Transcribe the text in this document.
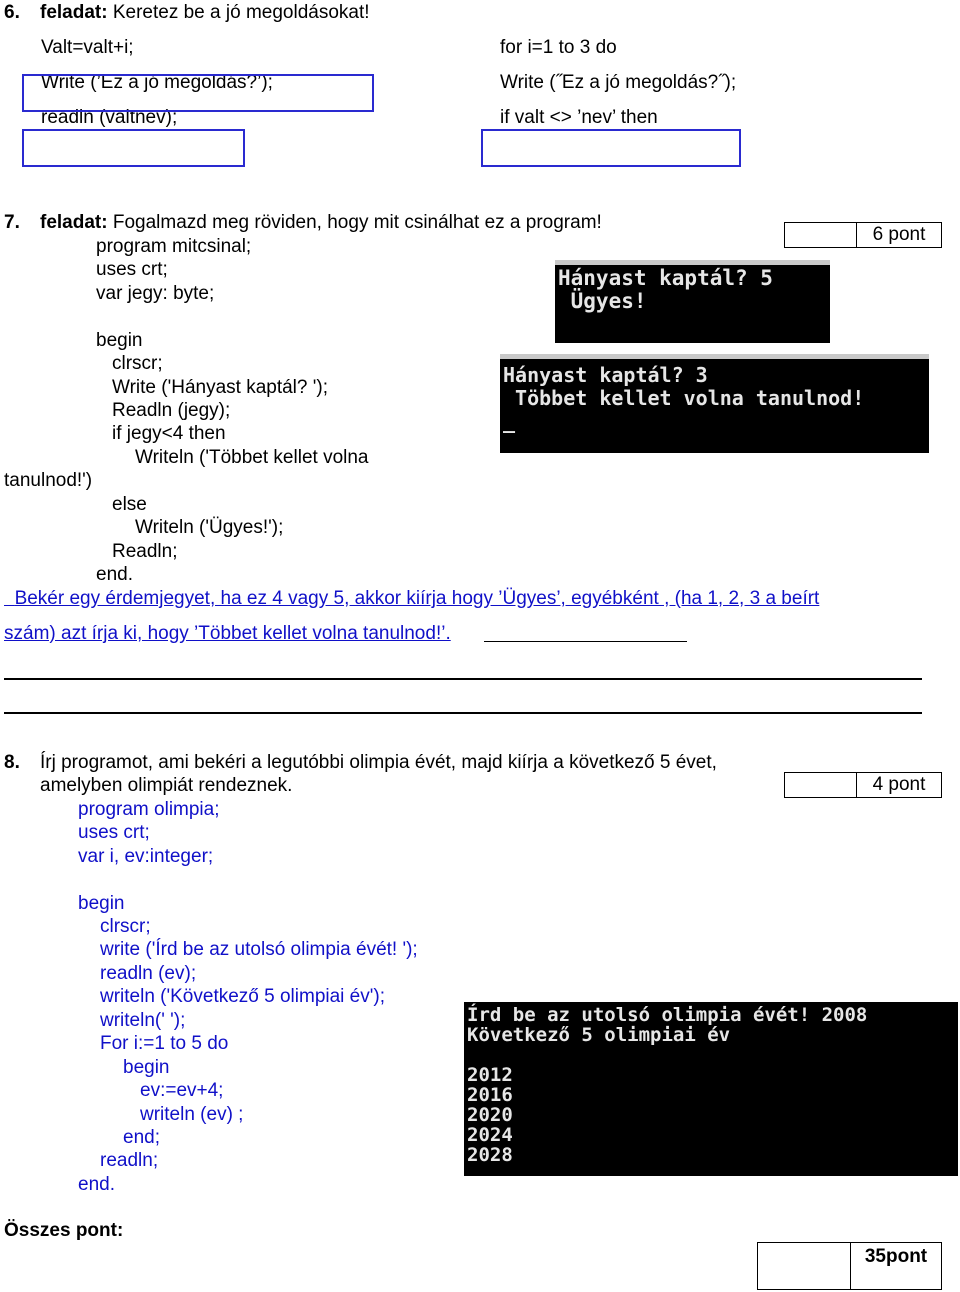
6. feladat: Keretez be a jó megoldásokat!
Valt=valt+i;
Write (’Ez a jó megoldás?’);
readln (valtnev);
for i=1 to 3 do
Write (˝Ez a jó megoldás?˝);
if valt <> ’nev’ then
7. feladat: Fogalmazd meg röviden, hogy mit csinálhat ez a program!
6 pont
program mitcsinal;
uses crt;
var jegy: byte;
begin
clrscr;
Write ('Hányast kaptál? ');
Readln (jegy);
if jegy<4 then
Writeln ('Többet kellet volna
tanulnod!')
else
Writeln ('Ügyes!');
Readln;
end.
Hányast kaptál? 5
Ügyes!
Hányast kaptál? 3
Többet kellet volna tanulnod!
_
Bekér egy érdemjegyet, ha ez 4 vagy 5, akkor kiírja hogy ’Ügyes’, egyébként , (ha 1, 2, 3 a beírt
szám) azt írja ki, hogy ’Többet kellet volna tanulnod!’.
8. Írj programot, ami bekéri a legutóbbi olimpia évét, majd kiírja a következő 5 évet,
amelyben olimpiát rendeznek.	4 pont
program olimpia;
uses crt;
var i, ev:integer;
begin
clrscr;
write ('Írd be az utolsó olimpia évét! ');
readln (ev);
writeln ('Következő 5 olimpiai év');
writeln(' ');
For i:=1 to 5 do
begin
ev:=ev+4;
writeln (ev) ;
end;
readln;
end.
Írd be az utolsó olimpia évét! 2008
Következő 5 olimpiai év
2012
2016
2020
2024
2028
Összes pont:
35pont
